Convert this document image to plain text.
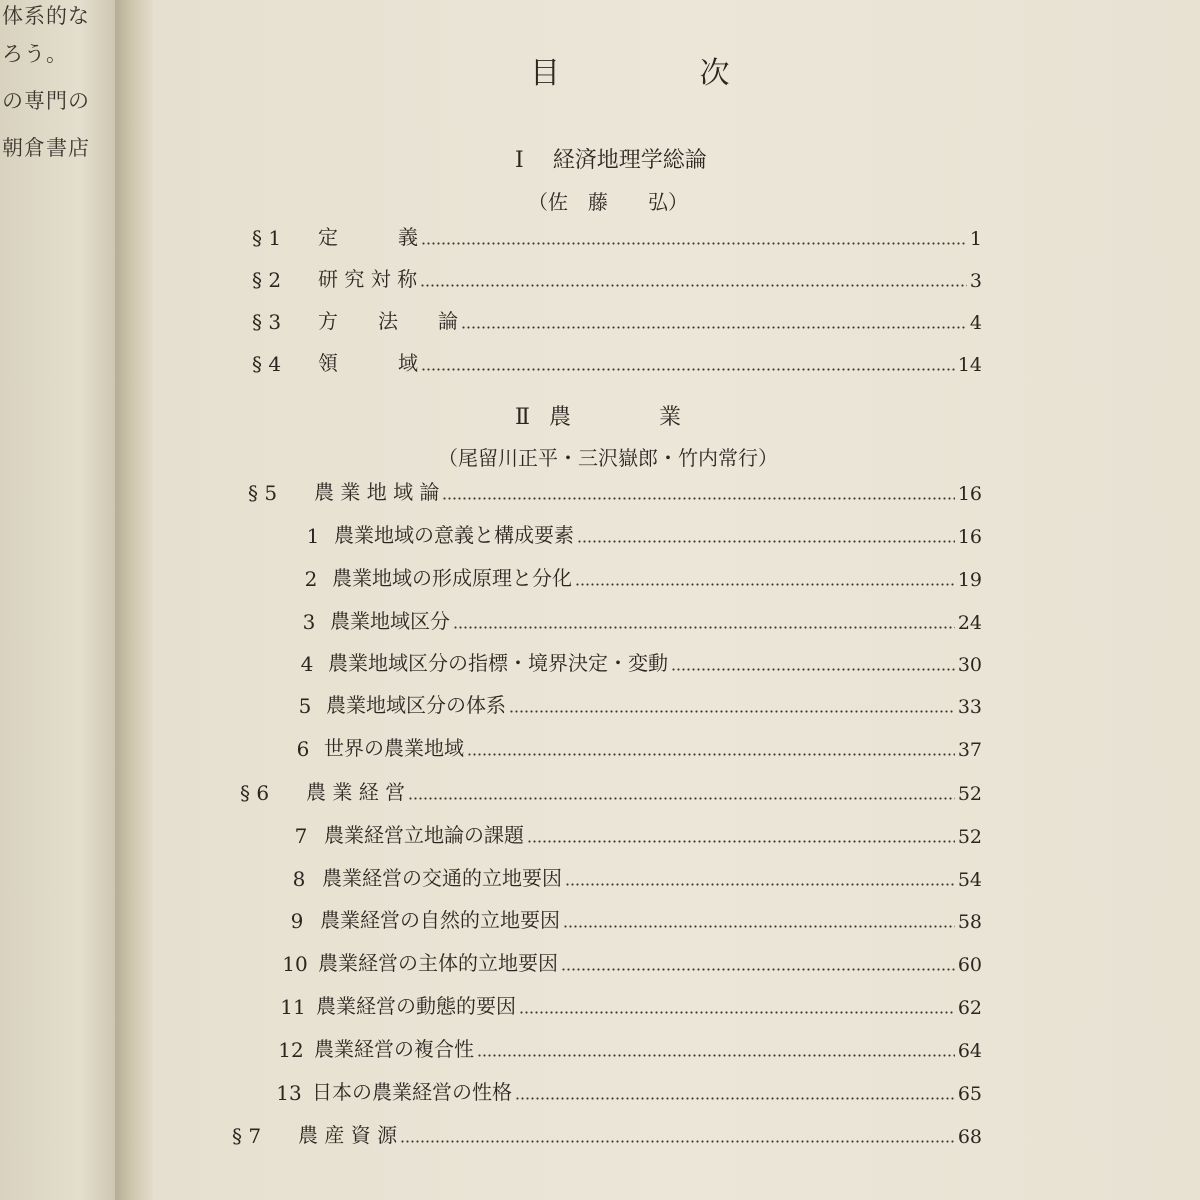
体系的な
ろう。
の専門の
朝倉書店
目	次
Ⅰ 経済地理学総論
（佐　藤　　弘）
Ⅱ 農　　　　業
（尾留川正平・三沢嶽郎・竹内常行）
§ 1	定　　　義	1
§ 2	研 究 対 称	3
§ 3	方　　法　　論	4
§ 4	領　　　域	14
§ 5	農 業 地 域 論	16
1 農業地域の意義と構成要素	16
2 農業地域の形成原理と分化	19
3 農業地域区分	24
4 農業地域区分の指標・境界決定・変動	30
5 農業地域区分の体系	33
6 世界の農業地域	37
§ 6	農 業 経 営	52
7 農業経営立地論の課題	52
8 農業経営の交通的立地要因	54
9 農業経営の自然的立地要因	58
10 農業経営の主体的立地要因	60
11 農業経営の動態的要因	62
12 農業経営の複合性	64
13 日本の農業経営の性格	65
§ 7	農 産 資 源	68
